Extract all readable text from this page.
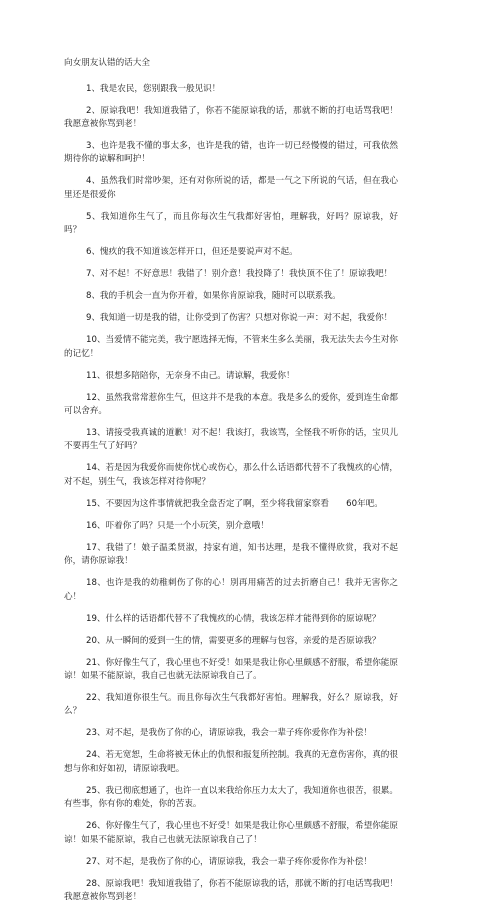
向女朋友认错的话大全

1、我是农民，您别跟我一般见识！

2、原谅我吧！我知道我错了，你若不能原谅我的话，那就不断的打电话骂我吧！我愿意被你骂到老！

3、也许是我不懂的事太多，也许是我的错，也许一切已经慢慢的错过，可我依然期待你的谅解和呵护！

4、虽然我们时常吵架，还有对你所说的话，都是一气之下所说的气话，但在我心里还是很爱你

5、我知道你生气了，而且你每次生气我都好害怕，理解我，好吗？原谅我，好吗？

6、愧疚的我不知道该怎样开口，但还是要说声对不起。

7、对不起！不好意思！我错了！别介意！我投降了！我快顶不住了！原谅我吧！

8、我的手机会一直为你开着，如果你肯原谅我，随时可以联系我。

9、我知道一切是我的错，让你受到了伤害？只想对你说一声：对不起，我爱你！

10、当爱情不能完美，我宁愿选择无悔，不管来生多么美丽，我无法失去今生对你的记忆！

11、很想多陪陪你，无奈身不由己。请谅解，我爱你！

12、虽然我常常惹你生气，但这并不是我的本意。我是多么的爱你，爱到连生命都可以舍弃。

13、请接受我真诚的道歉！对不起！我该打，我该骂，全怪我不听你的话，宝贝儿不要再生气了好吗？

14、若是因为我爱你而使你忧心或伤心，那么什么话语都代替不了我愧疚的心情，对不起，别生气，我该怎样对待你呢？

15、不要因为这件事情就把我全盘否定了啊，至少将我留家察看　　60年吧。

16、吓着你了吗？只是一个小玩笑，别介意哦！

17、我错了！娘子温柔贤淑，持家有道，知书达理，是我不懂得欣赏，我对不起你，请你原谅我！

18、也许是我的幼稚刺伤了你的心！別再用痛苦的过去折磨自己！我并无害你之心！

19、什么样的话语都代替不了我愧疚的心情，我该怎样才能得到你的原谅呢？

20、从一瞬间的爱到一生的情，需要更多的理解与包容，亲爱的是否原谅我？

21、你好像生气了，我心里也不好受！如果是我让你心里颇感不舒服，希望你能原谅！如果不能原谅，我自己也就无法原谅我自己了。

22、我知道你很生气。而且你每次生气我都好害怕。理解我，好么？原谅我，好么？

23、对不起，是我伤了你的心，请原谅我，我会一辈子疼你爱你作为补偿！

24、若无宽恕，生命将被无休止的仇恨和报复所控制。我真的无意伤害你，真的很想与你和好如初，请原谅我吧。

25、我已彻底想通了，也许一直以来我给你压力太大了，我知道你也很苦，很累。有些事，你有你的难处，你的苦衷。

26、你好像生气了，我心里也不好受！如果是我让你心里颇感不舒服，希望你能原谅！如果不能原谅，我自己也就无法原谅我自己了！

27、对不起，是我伤了你的心，请原谅我，我会一辈子疼你爱你作为补偿！

28、原谅我吧！我知道我错了，你若不能原谅我的话，那就不断的打电话骂我吧！我愿意被你骂到老！
